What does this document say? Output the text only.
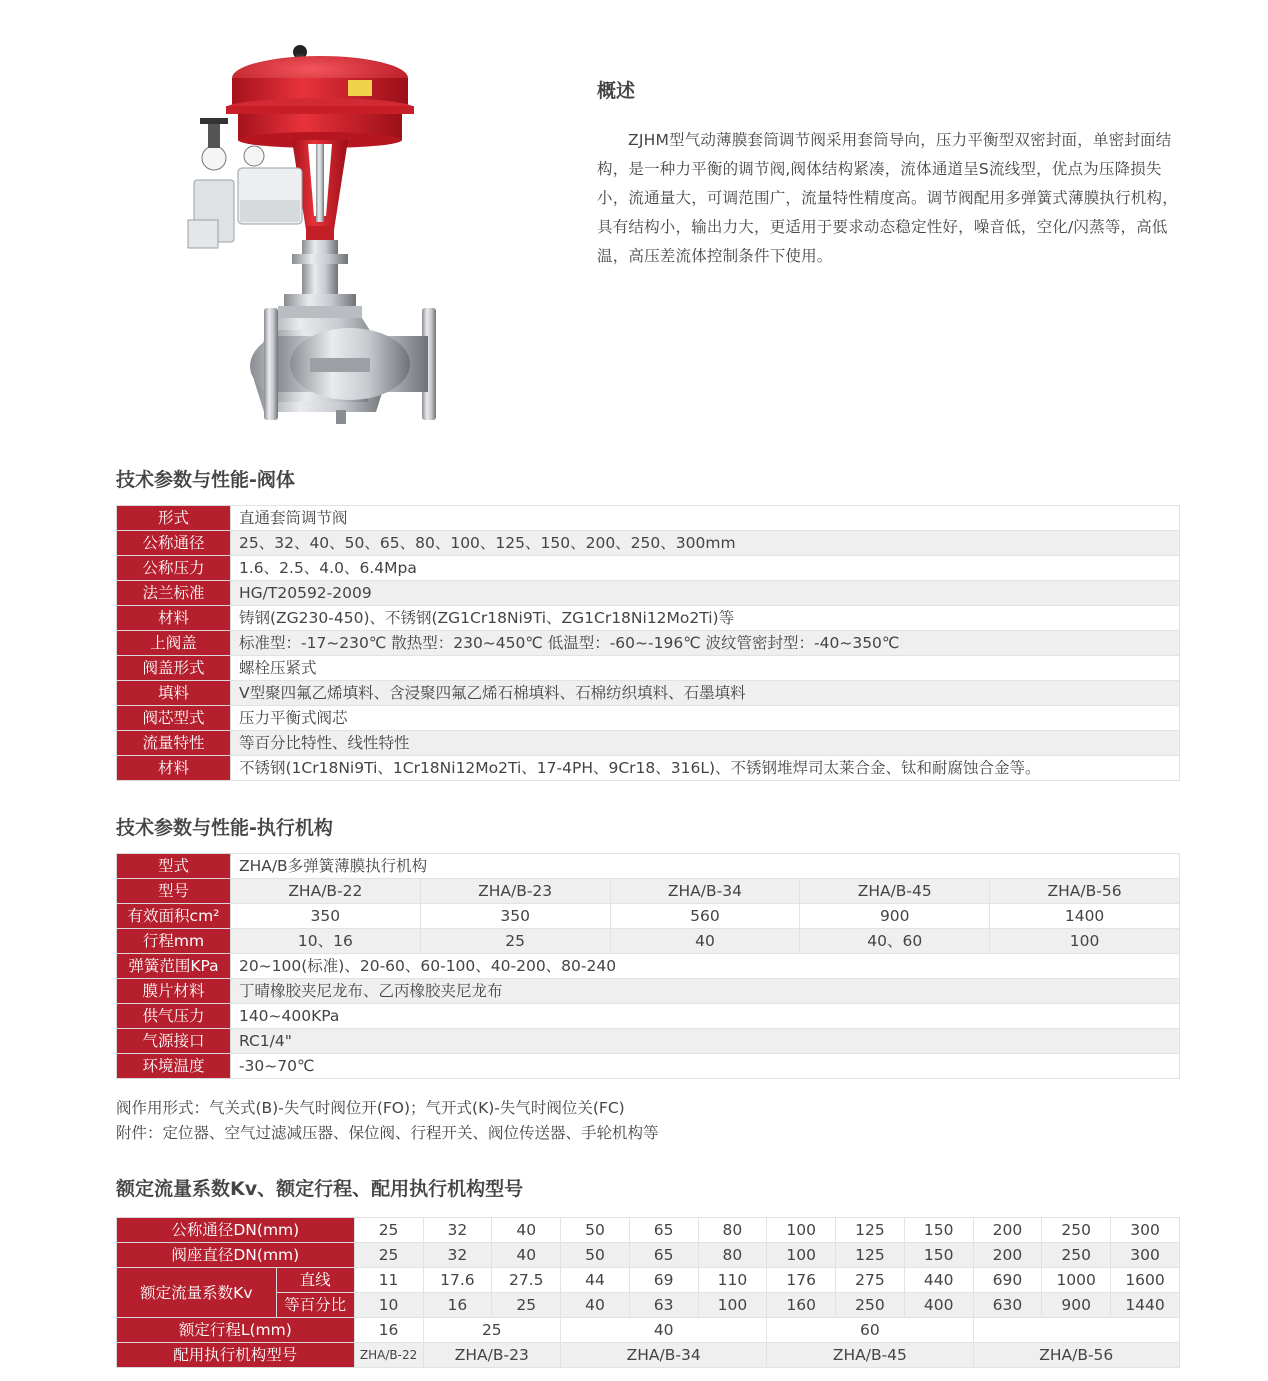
概述
ZJHM型气动薄膜套筒调节阀采用套筒导向，压力平衡型双密封面，单密封面结构，是一种力平衡的调节阀,阀体结构紧凑，流体通道呈S流线型，优点为压降损失小，流通量大，可调范围广，流量特性精度高。调节阀配用多弹簧式薄膜执行机构，具有结构小，输出力大，更适用于要求动态稳定性好，噪音低，空化/闪蒸等，高低温，高压差流体控制条件下使用。
技术参数与性能-阀体
形式	直通套筒调节阀
公称通径	25、32、40、50、65、80、100、125、150、200、250、300mm
公称压力	1.6、2.5、4.0、6.4Mpa
法兰标准	HG/T20592-2009
材料	铸钢(ZG230-450)、不锈钢(ZG1Cr18Ni9Ti、ZG1Cr18Ni12Mo2Ti)等
上阀盖	标准型：-17~230℃ 散热型：230~450℃ 低温型：-60~-196℃ 波纹管密封型：-40~350℃
阀盖形式	螺栓压紧式
填料	V型聚四氟乙烯填料、含浸聚四氟乙烯石棉填料、石棉纺织填料、石墨填料
阀芯型式	压力平衡式阀芯
流量特性	等百分比特性、线性特性
材料	不锈钢(1Cr18Ni9Ti、1Cr18Ni12Mo2Ti、17-4PH、9Cr18、316L)、不锈钢堆焊司太莱合金、钛和耐腐蚀合金等。
技术参数与性能-执行机构
型式	ZHA/B多弹簧薄膜执行机构				
型号	ZHA/B-22	ZHA/B-23	ZHA/B-34	ZHA/B-45	ZHA/B-56
有效面积cm²	350	350	560	900	1400
行程mm	10、16	25	40	40、60	100
弹簧范围KPa	20~100(标准)、20-60、60-100、40-200、80-240				
膜片材料	丁晴橡胶夹尼龙布、乙丙橡胶夹尼龙布				
供气压力	140~400KPa				
气源接口	RC1/4"				
环境温度	-30~70℃				
阀作用形式：气关式(B)-失气时阀位开(FO)；气开式(K)-失气时阀位关(FC)
附件：定位器、空气过滤减压器、保位阀、行程开关、阀位传送器、手轮机构等
额定流量系数Kv、额定行程、配用执行机构型号
公称通径DN(mm)		25	32	40	50	65	80	100	125	150	200	250	300
阀座直径DN(mm)		25	32	40	50	65	80	100	125	150	200	250	300
额定流量系数Kv	直线	11	17.6	27.5	44	69	110	176	275	440	690	1000	1600
	等百分比	10	16	25	40	63	100	160	250	400	630	900	1440
额定行程L(mm)		16	25		40			60					
配用执行机构型号		ZHA/B-22	ZHA/B-23		ZHA/B-34			ZHA/B-45			ZHA/B-56		
